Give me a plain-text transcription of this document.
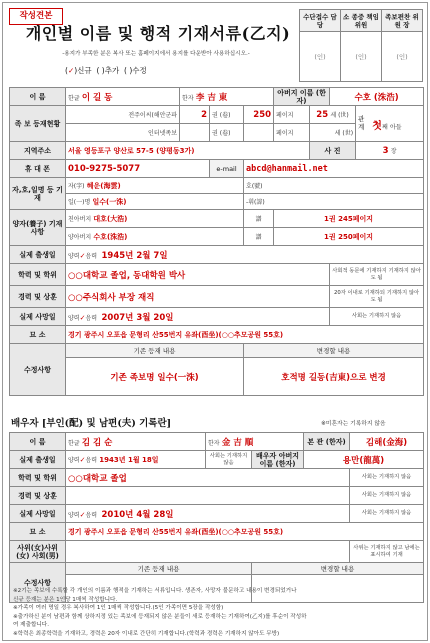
작성견본
개인별 이름 및 행적 기재서류(乙지)
-용지가 부족한 분은 복사 또는 홈페이지에서 용지를 다운받아 사용하십시오.-
(✓)신규 ( )추가 ( )수정
수단접수 담 당	소 종중 책임위원	족보편찬 위 원 장
(인)	(인)	(인)
이 름	한글 이 길 동	한자 李 吉 東			아버지 이름 (한자)		수호 (洙浩)	
족 보 등재현황	전주이씨(해안군파	2	권 (卷)	250	페이지	25 세 (世)		관 계 첫째 아들
	인터넷족보		권 (卷)		페이지	세 (世)		
지역주소	서울 영등포구 양산로 57-5 (양평동3가)					사 진		3 장
휴 대 폰	010-9275-5077		e-mail	abcd@hanmail.net				
자,호,일명 등 기재	자(字) 혜운(海雲)			호(號)				
	일(一)명 일수(一洙)			-휘(諱)				
양자(養子) 기재사항	친아버지 대호(大浩)			譜	1권 245페이지			
	양아버지 수호(洙浩)			譜	1권 250페이지			
실제 출생일	양력✓음력 1945년 2월 7일							
학력 및 학위	○○대학교 졸업, 동대학원 박사						사회적 동문에 기재하지 기재하지 않아도 됨	
경력 및 상훈	○○주식회사 부장 재직						20자 이내로 기재하되 기재하지 않아도 됨	
실제 사망일	양력✓음력 2007년 3월 20일						사회는 기재하지 않음	
묘 소	경기 광주시 오포읍 문형리 산55번지 유좌(酉坐)(○○추모공원 55호)							
수정사항	기존 등재 내용			변경할 내용				
	기존 족보명 일수(一洙)			호적명 길동(吉東)으로 변경				
배우자 [부인(配) 및 남편(夫) 기록란]	※미혼자는 기록하지 않음
이 름	한글 김 김 순	한자 金 吉 順		본 관 (한자)	김해(金海)
실제 출생일	양력✓음력 1943년 1월 18일	사회는 기재하지 않음	배우자 아버지 이름 (한자)	용만(龍萬)	
학력 및 학위	○○대학교 졸업				사회는 기재하지 않음
경력 및 상훈					사회는 기재하지 않음
실제 사망일	양력✓음력 2010년 4월 28일				사회는 기재하지 않음
묘 소	경기 광주시 오포읍 문형리 산55번지 유좌(酉坐)(○○추모공원 55호)				
사위(女)사위(女) 사회(男)					사위는 기재하지 않고 남에는 표시하여 기재
수정사항	기존 등재 내용		변경할 내용		

※2기는 족보에 수록할 각 개인의 이름과 행적을 기재하는 서류입니다. 생존자, 사망자 불문하고 내용이 변경되었거나
신규 등재는 분은 1인당 1매씩 작성합니다.
※가족이 여러 명일 경우 복사하여 1인 1매씩 작성합니다.(5인 가족이면 5장을 작성함)
※출가하신 분이 남편과 함께 상하지정 있는 족보에 등재되지 않은 분들이 새로 등재하는 기재하여(乙지)를 후순이 작성하
여 제출합니다.
※학력은 최종학력을 기재하고, 경력은 20자 이내로 간단히 기재합니다.(학력과 경력은 기재하지 않아도 무방)
